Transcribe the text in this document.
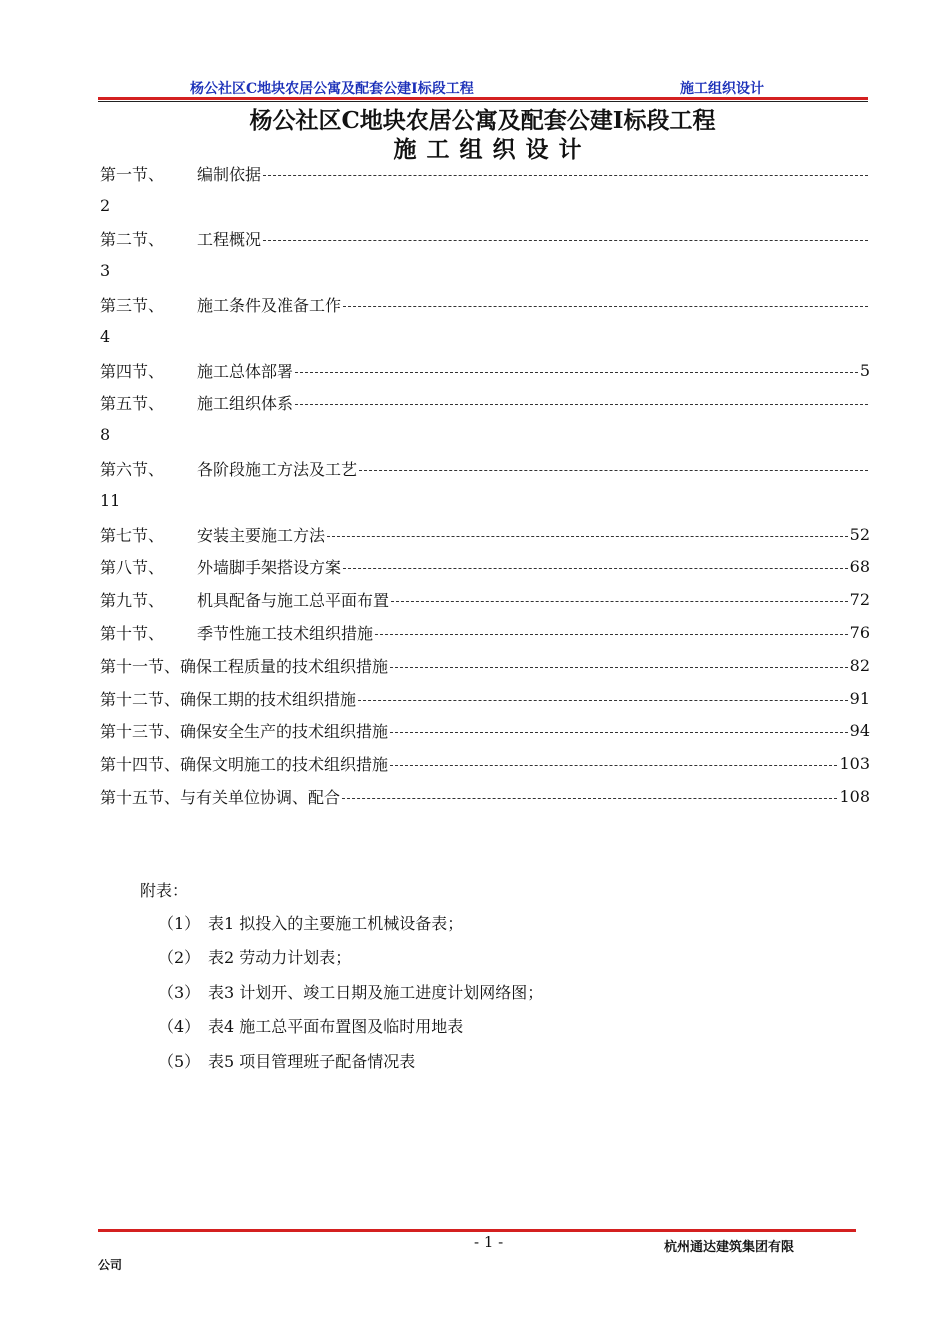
杨公社区C地块农居公寓及配套公建Ⅰ标段工程	施工组织设计
杨公社区C地块农居公寓及配套公建Ⅰ标段工程
施工组织设计
第一节、	编制依据
2
第二节、	工程概况
3
第三节、	施工条件及准备工作
4
第四节、	施工总体部署	5
第五节、	施工组织体系
8
第六节、	各阶段施工方法及工艺
11
第七节、	安装主要施工方法	52
第八节、	外墙脚手架搭设方案	68
第九节、	机具配备与施工总平面布置	72
第十节、	季节性施工技术组织措施	76
第十一节、 确保工程质量的技术组织措施	82
第十二节、 确保工期的技术组织措施	91
第十三节、 确保安全生产的技术组织措施	94
第十四节、 确保文明施工的技术组织措施	103
第十五节、 与有关单位协调、配合	108
附表：
（1） 表1 拟投入的主要施工机械设备表；
（2） 表2 劳动力计划表；
（3） 表3 计划开、竣工日期及施工进度计划网络图；
（4） 表4 施工总平面布置图及临时用地表
（5） 表5 项目管理班子配备情况表
- 1 -	杭州通达建筑集团有限
公司
